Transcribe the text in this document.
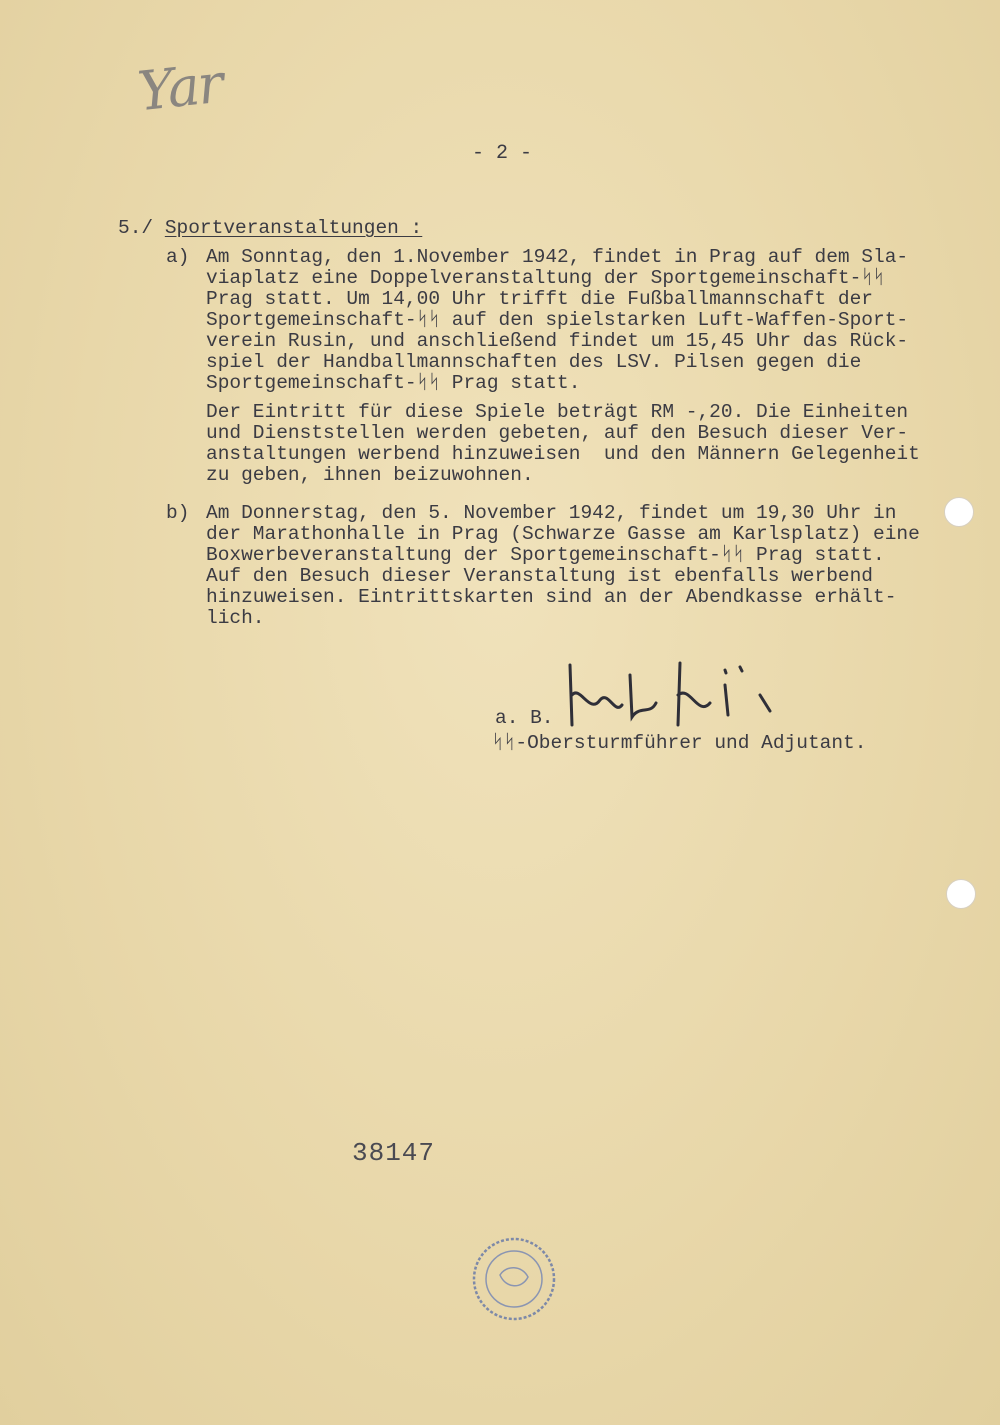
Yar
- 2 -
5./ Sportveranstaltungen :
a) Am Sonntag, den 1.November 1942, findet in Prag auf dem Sla-
viaplatz eine Doppelveranstaltung der Sportgemeinschaft-ᛋᛋ
Prag statt. Um 14,00 Uhr trifft die Fußballmannschaft der
Sportgemeinschaft-ᛋᛋ auf den spielstarken Luft-Waffen-Sport-
verein Rusin, und anschließend findet um 15,45 Uhr das Rück-
spiel der Handballmannschaften des LSV. Pilsen gegen die
Sportgemeinschaft-ᛋᛋ Prag statt.
Der Eintritt für diese Spiele beträgt RM -,20. Die Einheiten
und Dienststellen werden gebeten, auf den Besuch dieser Ver-
anstaltungen werbend hinzuweisen  und den Männern Gelegenheit
zu geben, ihnen beizuwohnen.
b) Am Donnerstag, den 5. November 1942, findet um 19,30 Uhr in
der Marathonhalle in Prag (Schwarze Gasse am Karlsplatz) eine
Boxwerbeveranstaltung der Sportgemeinschaft-ᛋᛋ Prag statt.
Auf den Besuch dieser Veranstaltung ist ebenfalls werbend
hinzuweisen. Eintrittskarten sind an der Abendkasse erhält-
lich.
a. B.
ᛋᛋ-Obersturmführer und Adjutant.
38147
